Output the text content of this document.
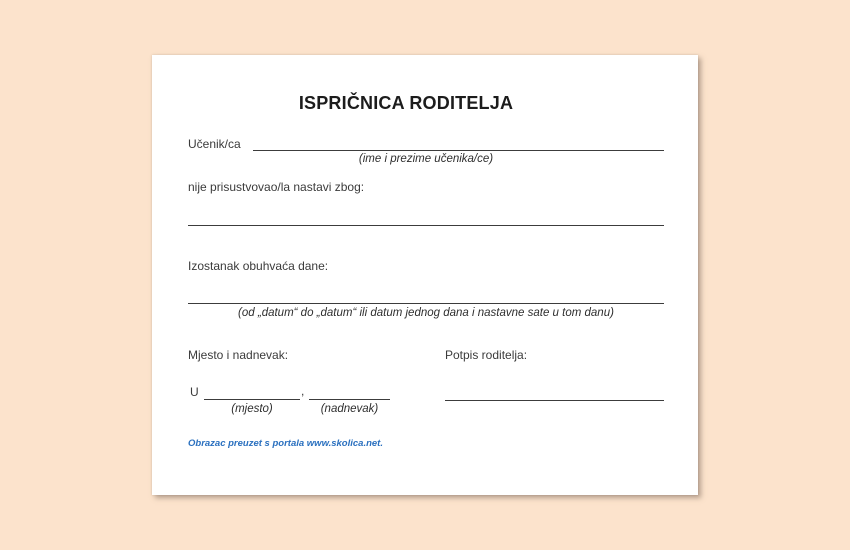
ISPRIČNICA RODITELJA
Učenik/ca
(ime i prezime učenika/ce)
nije prisustvovao/la nastavi zbog:
Izostanak obuhvaća dane:
(od „datum“ do „datum“ ili datum jednog dana i nastavne sate u tom danu)
Mjesto i nadnevak:	Potpis roditelja:
U	,
(mjesto)	(nadnevak)
Obrazac preuzet s portala www.skolica.net.
